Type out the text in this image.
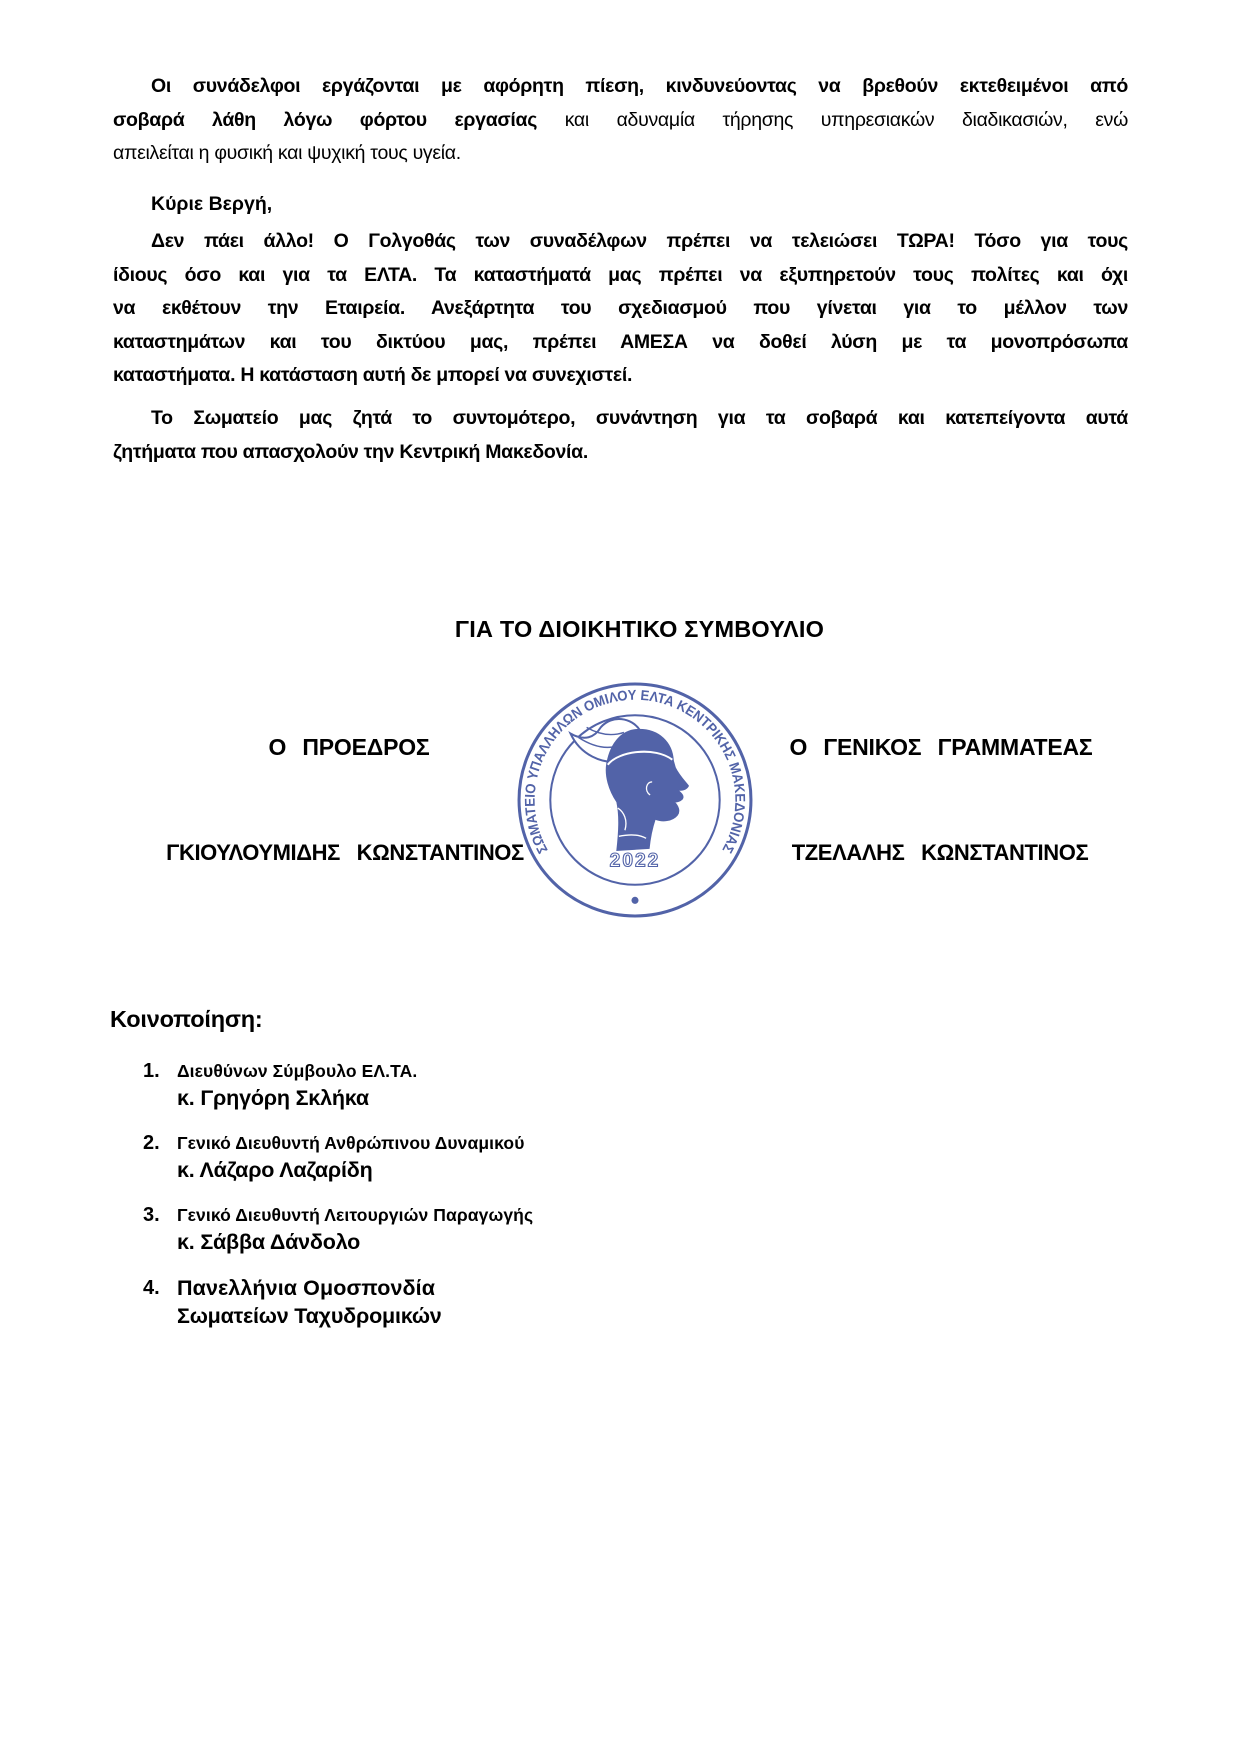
Οι συνάδελφοι εργάζονται με αφόρητη πίεση, κινδυνεύοντας να βρεθούν εκτεθειμένοι από
σοβαρά λάθη λόγω φόρτου εργασίας και αδυναμία τήρησης υπηρεσιακών διαδικασιών, ενώ
απειλείται η φυσική και ψυχική τους υγεία.
Κύριε Βεργή,
Δεν πάει άλλο! Ο Γολγοθάς των συναδέλφων πρέπει να τελειώσει ΤΩΡΑ! Τόσο για τους
ίδιους όσο και για τα ΕΛΤΑ. Τα καταστήματά μας πρέπει να εξυπηρετούν τους πολίτες και όχι
να εκθέτουν την Εταιρεία. Ανεξάρτητα του σχεδιασμού που γίνεται για το μέλλον των
καταστημάτων και του δικτύου μας, πρέπει ΑΜΕΣΑ να δοθεί λύση με τα μονοπρόσωπα
καταστήματα. Η κατάσταση αυτή δε μπορεί να συνεχιστεί.
Το Σωματείο μας ζητά το συντομότερο, συνάντηση για τα σοβαρά και κατεπείγοντα αυτά
ζητήματα που απασχολούν την Κεντρική Μακεδονία.
ΓΙΑ ΤΟ ΔΙΟΙΚΗΤΙΚΟ ΣΥΜΒΟΥΛΙΟ
Ο ΠΡΟΕΔΡΟΣ	Ο ΓΕΝΙΚΟΣ ΓΡΑΜΜΑΤΕΑΣ
ΓΚΙΟΥΛΟΥΜΙΔΗΣ ΚΩΝΣΤΑΝΤΙΝΟΣ	ΤΖΕΛΑΛΗΣ ΚΩΝΣΤΑΝΤΙΝΟΣ
ΣΩΜΑΤΕΙΟ ΥΠΑΛΛΗΛΩΝ ΟΜΙΛΟΥ ΕΛΤΑ ΚΕΝΤΡΙΚΗΣ ΜΑΚΕΔΟΝΙΑΣ
2022
Κοινοποίηση:
1. Διευθύνων Σύμβουλο ΕΛ.ΤΑ.
κ. Γρηγόρη Σκλήκα
2. Γενικό Διευθυντή Ανθρώπινου Δυναμικού
κ. Λάζαρο Λαζαρίδη
3. Γενικό Διευθυντή Λειτουργιών Παραγωγής
κ. Σάββα Δάνδολο
4. Πανελλήνια Ομοσπονδία
Σωματείων Ταχυδρομικών
